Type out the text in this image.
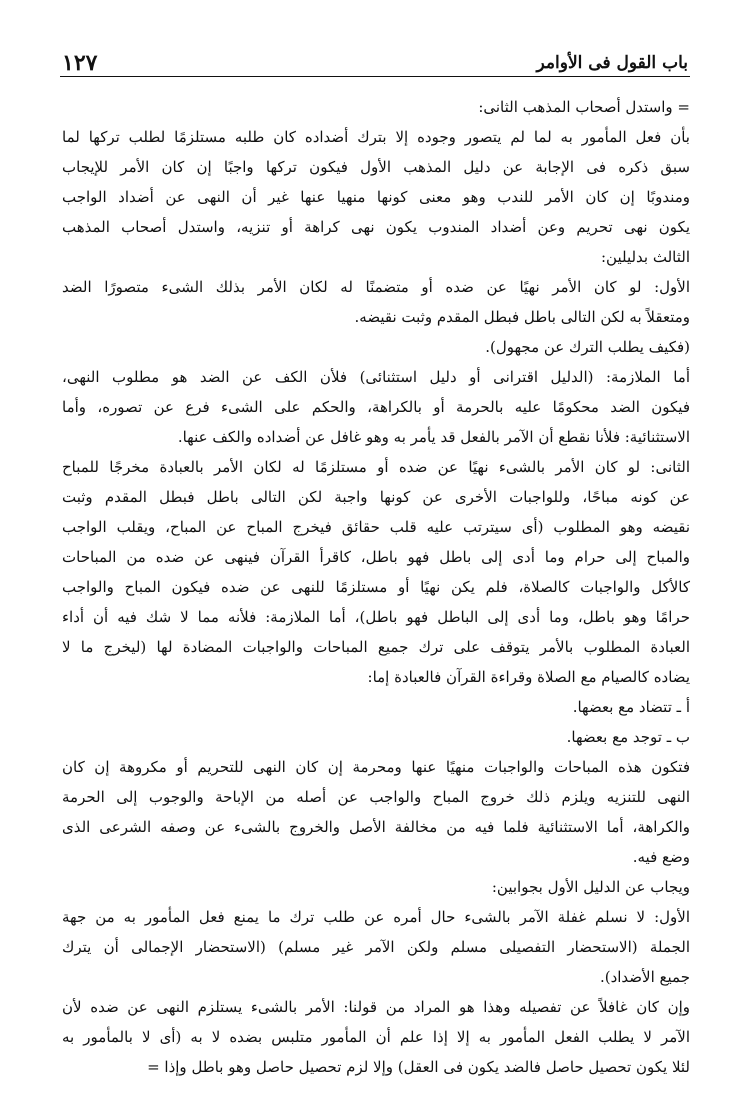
١٢٧	باب القول فى الأوامر
= واستدل أصحاب المذهب الثانى:
بأن فعل المأمور به لما لم يتصور وجوده إلا بترك أضداده كان طلبه مستلزمًا لطلب تركها لما
سبق ذكره فى الإجابة عن دليل المذهب الأول فيكون تركها واجبًا إن كان الأمر للإيجاب
ومندوبًا إن كان الأمر للندب وهو معنى كونها منهيا عنها غير أن النهى عن أضداد الواجب
يكون نهى تحريم وعن أضداد المندوب يكون نهى كراهة أو تنزيه، واستدل أصحاب المذهب
الثالث بدليلين:
الأول: لو كان الأمر نهيًا عن ضده أو متضمنًا له لكان الأمر بذلك الشىء متصورًا الضد
ومتعقلاً به لكن التالى باطل فبطل المقدم وثبت نقيضه.
(فكيف يطلب الترك عن مجهول).
أما الملازمة: (الدليل اقترانى أو دليل استثنائى) فلأن الكف عن الضد هو مطلوب النهى،
فيكون الضد محكومًا عليه بالحرمة أو بالكراهة، والحكم على الشىء فرع عن تصوره، وأما
الاستثنائية: فلأنا نقطع أن الآمر بالفعل قد يأمر به وهو غافل عن أضداده والكف عنها.
الثانى: لو كان الأمر بالشىء نهيًا عن ضده أو مستلزمًا له لكان الأمر بالعبادة مخرجًا للمباح
عن كونه مباحًا، وللواجبات الأخرى عن كونها واجبة لكن التالى باطل فبطل المقدم وثبت
نقيضه وهو المطلوب (أى سيترتب عليه قلب حقائق فيخرج المباح عن المباح، ويقلب الواجب
والمباح إلى حرام وما أدى إلى باطل فهو باطل، كاقرأ القرآن فينهى عن ضده من المباحات
كالأكل والواجبات كالصلاة، فلم يكن نهيًا أو مستلزمًا للنهى عن ضده فيكون المباح والواجب
حرامًا وهو باطل، وما أدى إلى الباطل فهو باطل)، أما الملازمة: فلأنه مما لا شك فيه أن أداء
العبادة المطلوب بالأمر يتوقف على ترك جميع المباحات والواجبات المضادة لها (ليخرج ما لا
يضاده كالصيام مع الصلاة وقراءة القرآن فالعبادة إما:
أ ـ تتضاد مع بعضها.
ب ـ توجد مع بعضها.
فتكون هذه المباحات والواجبات منهيًا عنها ومحرمة إن كان النهى للتحريم أو مكروهة إن كان
النهى للتنزيه ويلزم ذلك خروج المباح والواجب عن أصله من الإباحة والوجوب إلى الحرمة
والكراهة، أما الاستثنائية فلما فيه من مخالفة الأصل والخروج بالشىء عن وصفه الشرعى الذى
وضع فيه.
ويجاب عن الدليل الأول بجوابين:
الأول: لا نسلم غفلة الآمر بالشىء حال أمره عن طلب ترك ما يمنع فعل المأمور به من جهة
الجملة (الاستحضار التفصيلى مسلم ولكن الآمر غير مسلم) (الاستحضار الإجمالى أن يترك
جميع الأضداد).
وإن كان غافلاً عن تفصيله وهذا هو المراد من قولنا: الأمر بالشىء يستلزم النهى عن ضده لأن
الآمر لا يطلب الفعل المأمور به إلا إذا علم أن المأمور متلبس بضده لا به (أى لا بالمأمور به
لئلا يكون تحصيل حاصل فالضد يكون فى العقل) وإلا لزم تحصيل حاصل وهو باطل وإذا =
